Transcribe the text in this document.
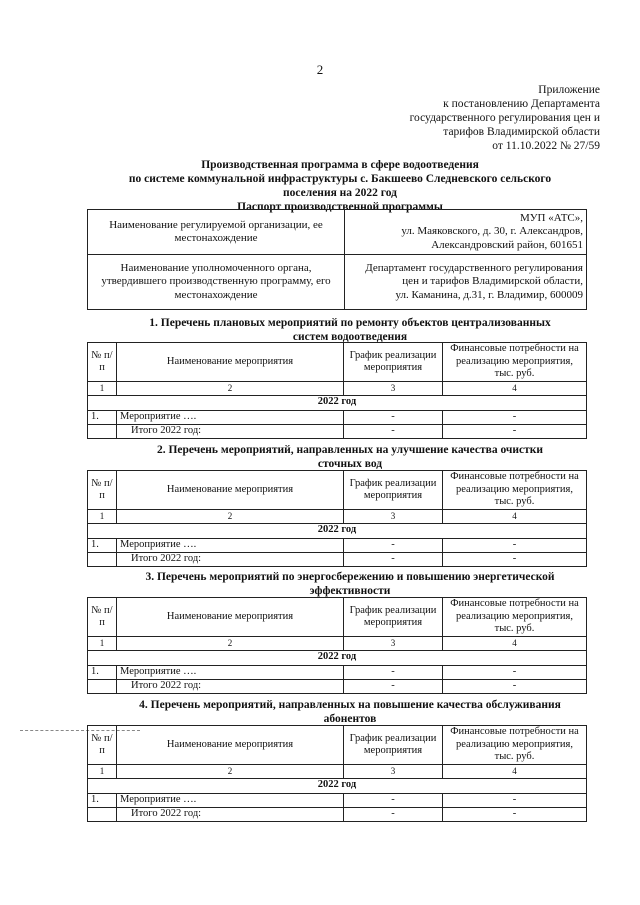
2
Приложение
к постановлению Департамента
государственного регулирования цен и
тарифов Владимирской области
от 11.10.2022 № 27/59
Производственная программа в сфере водоотведения
по системе коммунальной инфраструктуры с. Бакшеево Следневского сельского
поселения на 2022 год
Паспорт производственной программы
Наименование регулируемой организации, ее местонахождение	МУП «АТС»,
ул. Маяковского, д. 30, г. Александров,
Александровский район, 601651

Наименование уполномоченного органа, утвердившего производственную программу, его местонахождение	Департамент государственного регулирования цен и тарифов Владимирской области,
ул. Каманина, д.31, г. Владимир, 600009
1. Перечень плановых мероприятий по ремонту объектов централизованных
систем водоотведения
№ п/п	Наименование мероприятия	График реализации мероприятия	Финансовые потребности на реализацию мероприятия, тыс. руб.
1	2	3	4
2022 год			
1.	Мероприятие ….	-	-
	Итого 2022 год:	-	-
2. Перечень мероприятий, направленных на улучшение качества очистки
сточных вод
№ п/п	Наименование мероприятия	График реализации мероприятия	Финансовые потребности на реализацию мероприятия, тыс. руб.
1	2	3	4
2022 год			
1.	Мероприятие ….	-	-
	Итого 2022 год:	-	-
3. Перечень мероприятий по энергосбережению и повышению энергетической
эффективности
№ п/п	Наименование мероприятия	График реализации мероприятия	Финансовые потребности на реализацию мероприятия, тыс. руб.
1	2	3	4
2022 год			
1.	Мероприятие ….	-	-
	Итого 2022 год:	-	-
4. Перечень мероприятий, направленных на повышение качества обслуживания
абонентов
№ п/п	Наименование мероприятия	График реализации мероприятия	Финансовые потребности на реализацию мероприятия, тыс. руб.
1	2	3	4
2022 год			
1.	Мероприятие ….	-	-
	Итого 2022 год:	-	-
